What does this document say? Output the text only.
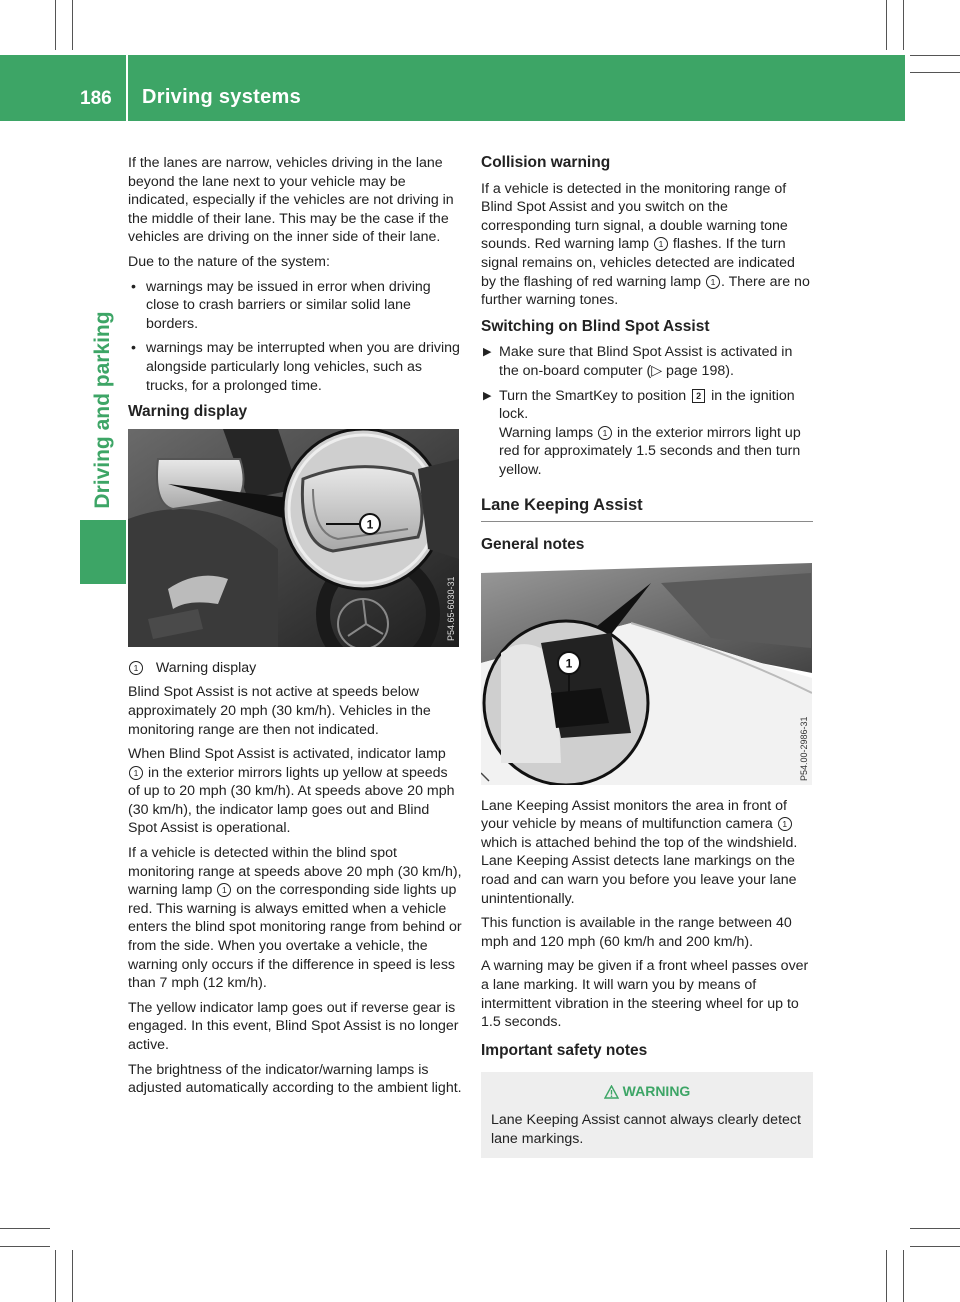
186	Driving systems
Driving and parking

If the lanes are narrow, vehicles driving in the lane beyond the lane next to your vehicle may be indicated, especially if the vehicles are not driving in the middle of their lane. This may be the case if the vehicles are driving on the inner side of their lane.

Due to the nature of the system:

• warnings may be issued in error when driving close to crash barriers or similar solid lane borders.
• warnings may be interrupted when you are driving alongside particularly long vehicles, such as trucks, for a prolonged time.
Warning display
1
P54.65-6030-31

1 Warning display

Blind Spot Assist is not active at speeds below approximately 20 mph (30 km/h). Vehicles in the monitoring range are then not indicated.

When Blind Spot Assist is activated, indicator lamp 1 in the exterior mirrors lights up yellow at speeds of up to 20 mph (30 km/h). At speeds above 20 mph (30 km/h), the indicator lamp goes out and Blind Spot Assist is operational.

If a vehicle is detected within the blind spot monitoring range at speeds above 20 mph (30 km/h), warning lamp 1 on the corresponding side lights up red. This warning is always emitted when a vehicle enters the blind spot monitoring range from behind or from the side. When you overtake a vehicle, the warning only occurs if the difference in speed is less than 7 mph (12 km/h).

The yellow indicator lamp goes out if reverse gear is engaged. In this event, Blind Spot Assist is no longer active.

The brightness of the indicator/warning lamps is adjusted automatically according to the ambient light.

Collision warning

If a vehicle is detected in the monitoring range of Blind Spot Assist and you switch on the corresponding turn signal, a double warning tone sounds. Red warning lamp 1 flashes. If the turn signal remains on, vehicles detected are indicated by the flashing of red warning lamp 1 . There are no further warning tones.

Switching on Blind Spot Assist
▶ Make sure that Blind Spot Assist is activated in the on-board computer (▷ page 198).
▶ Turn the SmartKey to position 2 in the ignition lock.
Warning lamps 1 in the exterior mirrors light up red for approximately 1.5 seconds and then turn yellow.
Lane Keeping Assist
General notes
1
P54.00-2986-31

Lane Keeping Assist monitors the area in front of your vehicle by means of multifunction camera 1 which is attached behind the top of the windshield. Lane Keeping Assist detects lane markings on the road and can warn you before you leave your lane unintentionally.

This function is available in the range between 40 mph and 120 mph (60 km/h and 200 km/h).

A warning may be given if a front wheel passes over a lane marking. It will warn you by means of intermittent vibration in the steering wheel for up to 1.5 seconds.

Important safety notes
WARNING

Lane Keeping Assist cannot always clearly detect lane markings.
